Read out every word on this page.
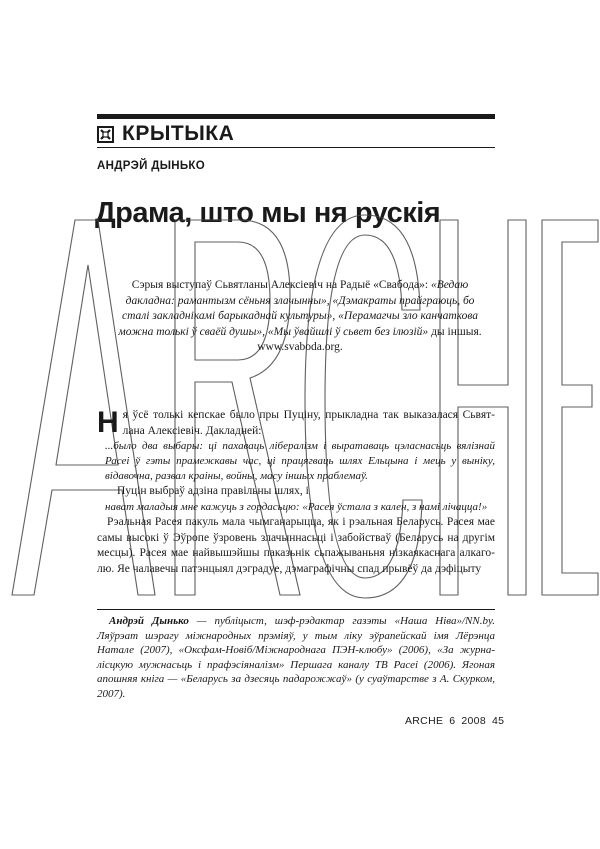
КРЫТЫКА
АНДРЭЙ ДЫНЬКО
Драма, што мы ня рускія
Сэрыя выступаў Сьвятланы Алексіевіч на Радыё «Свабода»: «Ведаю дакладна: рамантызм сёньня злачынны», «Дэмакраты прайграюць, бо сталі закладнікамі барыкаднай культуры», «Перамагчы зло канчаткова можна толькі ў сваёй душы», «Мы ўвайшлі ў сьвет без ілюзій» ды іншыя. www.svaboda.org.

Ня ўсё толькі кепскае было пры Пуціну, прыкладна так выказалася Сьвятлана Алексіевіч. Дакладней:

...было два выбары: ці пахаваць лібералізм і выратаваць цэласнасьць вялізнай Расеі ў гэты прамежкавы час, ці працягваць шлях Ельцына і мець у выніку, відавочна, развал краіны, войны, масу іншых праблемаў.

Пуцін выбраў адзіна правільны шлях, і

нават маладыя мне кажуць з гордасьцю: «Расея ўстала з кален, з намі лічацца!»

Рэальная Расея пакуль мала чымганарыцца, як і рэальная Беларусь. Расея мае самы высокі ў Эўропе ўзровень злачыннасьці і забойстваў (Беларусь на другім месцы). Расея мае найвышэйшы паказьнік сьпажываньня нізкаякаснага алкаголю. Яе чалавечы патэнцыял дэградуе, дэмаграфічны спад прывёў да дэфіцыту

Андрэй Дынько — публіцыст, шэф-рэдактар газэты «Наша Ніва»/NN.by. Ляўрэат шэрагу міжнародных прэміяў, у тым ліку эўрапейскай імя Лёрэнца Натале (2007), «Оксфам-Новіб/Міжнароднага ПЭН-клюбу» (2006), «За журналісцкую мужнасьць і прафэсіяналізм» Першага каналу ТВ Расеі (2006). Ягоная апошняя кніга — «Беларусь за дзесяць падарожжаў» (у суаўтарстве з А. Скурком, 2007).
ARCHE 6 2008 45
